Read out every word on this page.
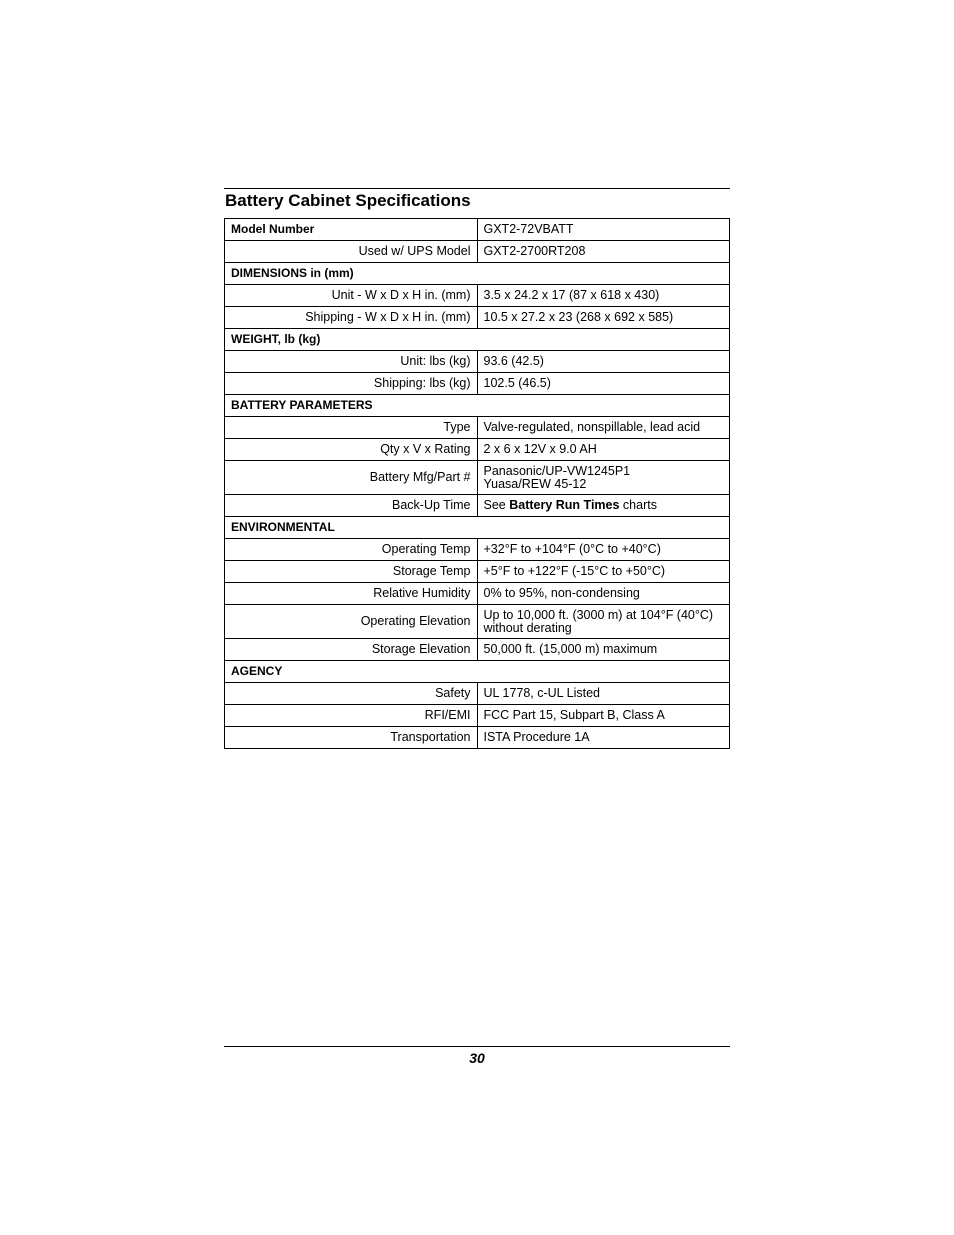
Battery Cabinet Specifications
Model Number	GXT2-72VBATT
Used w/ UPS Model	GXT2-2700RT208
DIMENSIONS in (mm)	
Unit - W x D x H in. (mm)	3.5 x 24.2 x 17 (87 x 618 x 430)
Shipping - W x D x H in. (mm)	10.5 x 27.2 x 23 (268 x 692 x 585)
WEIGHT, lb (kg)	
Unit: lbs (kg)	93.6 (42.5)
Shipping: lbs (kg)	102.5 (46.5)
BATTERY PARAMETERS	
Type	Valve-regulated, nonspillable, lead acid
Qty x V x Rating	2 x 6 x 12V x 9.0 AH
Battery Mfg/Part #	Panasonic/UP-VW1245P1
Yuasa/REW 45-12

Back-Up Time	See Battery Run Times charts
ENVIRONMENTAL	
Operating Temp	+32°F to +104°F (0°C to +40°C)
Storage Temp	+5°F to +122°F (-15°C to +50°C)
Relative Humidity	0% to 95%, non-condensing
Operating Elevation	Up to 10,000 ft. (3000 m) at 104°F (40°C)
without derating

Storage Elevation	50,000 ft. (15,000 m) maximum
AGENCY	
Safety	UL 1778, c-UL Listed
RFI/EMI	FCC Part 15, Subpart B, Class A
Transportation	ISTA Procedure 1A
30
